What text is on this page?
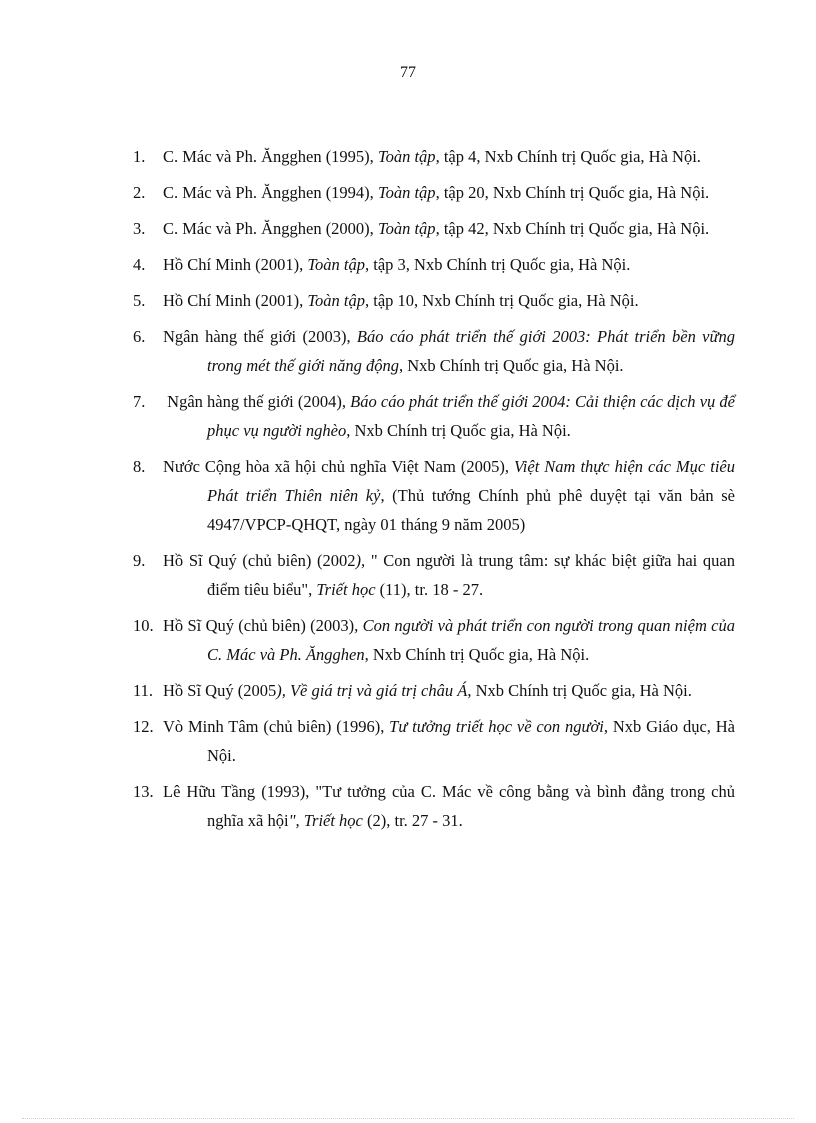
77
1. C. Mác và Ph. Ăngghen (1995), Toàn tập, tập 4, Nxb Chính trị Quốc gia, Hà Nội.
2. C. Mác và Ph. Ăngghen (1994), Toàn tập, tập 20, Nxb Chính trị Quốc gia, Hà Nội.
3. C. Mác và Ph. Ăngghen (2000), Toàn tập, tập 42, Nxb Chính trị Quốc gia, Hà Nội.
4. Hồ Chí Minh (2001), Toàn tập, tập 3, Nxb Chính trị Quốc gia, Hà Nội.
5. Hồ Chí Minh (2001), Toàn tập, tập 10, Nxb Chính trị Quốc gia, Hà Nội.
6. Ngân hàng thế giới (2003), Báo cáo phát triển thế giới 2003: Phát triển bền vững trong mét thế giới năng động, Nxb Chính trị Quốc gia, Hà Nội.
7. Ngân hàng thế giới (2004), Báo cáo phát triển thế giới 2004: Cải thiện các dịch vụ để phục vụ người nghèo, Nxb Chính trị Quốc gia, Hà Nội.
8. Nước Cộng hòa xã hội chủ nghĩa Việt Nam (2005), Việt Nam thực hiện các Mục tiêu Phát triển Thiên niên kỷ, (Thủ tướng Chính phủ phê duyệt tại văn bản sè 4947/VPCP-QHQT, ngày 01 tháng 9 năm 2005)
9. Hồ Sĩ Quý (chủ biên) (2002), " Con người là trung tâm: sự khác biệt giữa hai quan điểm tiêu biểu", Triết học (11), tr. 18 - 27.
10. Hồ Sĩ Quý (chủ biên) (2003), Con người và phát triển con người trong quan niệm của C. Mác và Ph. Ăngghen, Nxb Chính trị Quốc gia, Hà Nội.
11. Hồ Sĩ Quý (2005), Về giá trị và giá trị châu Á, Nxb Chính trị Quốc gia, Hà Nội.
12. Vò Minh Tâm (chủ biên) (1996), Tư tưởng triết học về con người, Nxb Giáo dục, Hà Nội.
13. Lê Hữu Tầng (1993), "Tư tưởng của C. Mác về công bằng và bình đẳng trong chủ nghĩa xã hội", Triết học (2), tr. 27 - 31.
